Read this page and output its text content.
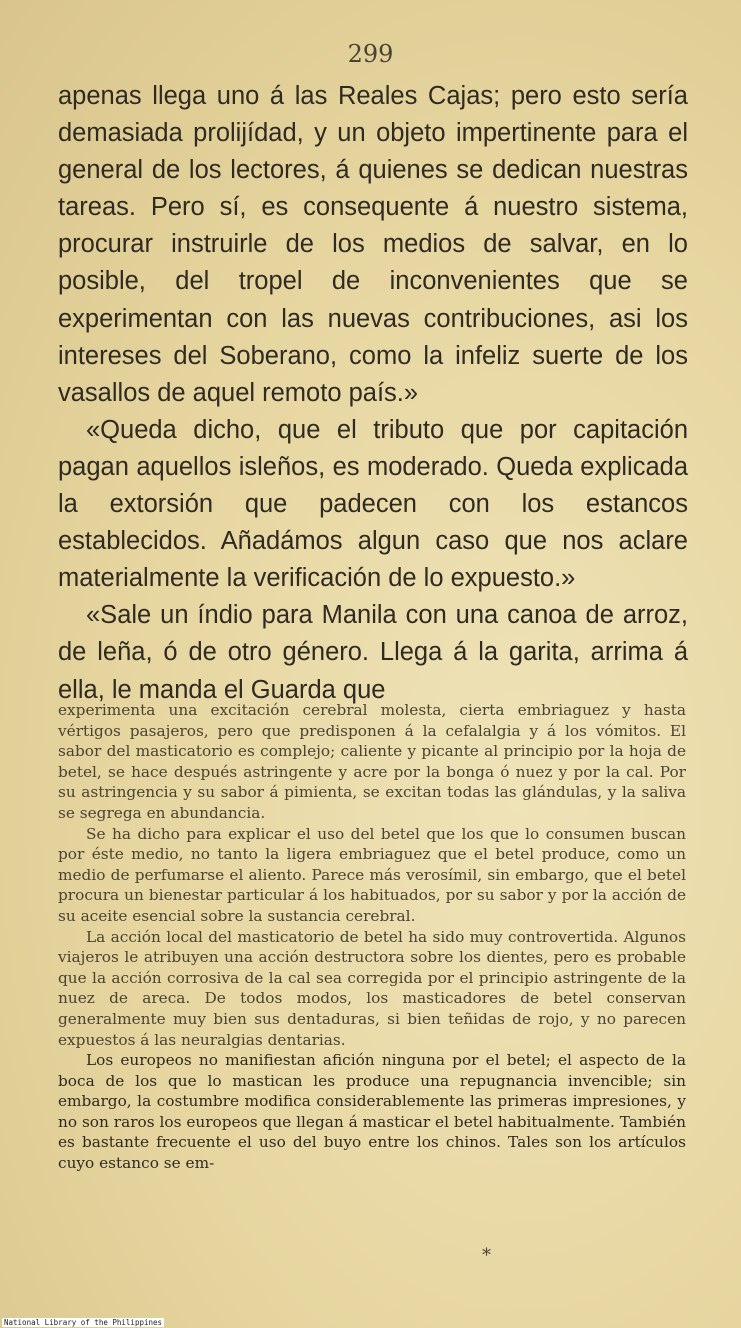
299

apenas llega uno á las Reales Cajas; pero esto sería demasiada prolijídad, y un objeto impertinente para el general de los lectores, á quienes se dedican nuestras tareas. Pero sí, es consequente á nuestro sistema, procurar instruirle de los medios de salvar, en lo posible, del tropel de inconvenientes que se experimentan con las nuevas contribuciones, asi los intereses del Soberano, como la infeliz suerte de los vasallos de aquel remoto país.»

«Queda dicho, que el tributo que por capitación pagan aquellos isleños, es moderado. Queda explicada la extorsión que padecen con los estancos establecidos. Añadámos algun caso que nos aclare materialmente la verificación de lo expuesto.»

«Sale un índio para Manila con una canoa de arroz, de leña, ó de otro género. Llega á la garita, arrima á ella, le manda el Guarda que

experimenta una excitación cerebral molesta, cierta embriaguez y hasta vértigos pasajeros, pero que predisponen á la cefalalgia y á los vómitos. El sabor del masticatorio es complejo; caliente y picante al principio por la hoja de betel, se hace después astringente y acre por la bonga ó nuez y por la cal. Por su astringencia y su sabor á pimienta, se excitan todas las glándulas, y la saliva se segrega en abundancia.

Se ha dicho para explicar el uso del betel que los que lo consumen buscan por éste medio, no tanto la ligera embriaguez que el betel produce, como un medio de perfumarse el aliento. Parece más verosímil, sin embargo, que el betel procura un bienestar particular á los habituados, por su sabor y por la acción de su aceite esencial sobre la sustancia cerebral.

La acción local del masticatorio de betel ha sido muy controvertida. Algunos viajeros le atribuyen una acción destructora sobre los dientes, pero es probable que la acción corrosiva de la cal sea corregida por el principio astringente de la nuez de areca. De todos modos, los masticadores de betel conservan generalmente muy bien sus dentaduras, si bien teñidas de rojo, y no parecen expuestos á las neuralgias dentarias.

Los europeos no manifiestan afición ninguna por el betel; el aspecto de la boca de los que lo mastican les produce una repugnancia invencible; sin embargo, la costumbre modifica considerablemente las primeras impresiones, y no son raros los europeos que llegan á masticar el betel habitualmente. También es bastante frecuente el uso del buyo entre los chinos. Tales son los artículos cuyo estanco se em-

*
National Library of the Philippines
